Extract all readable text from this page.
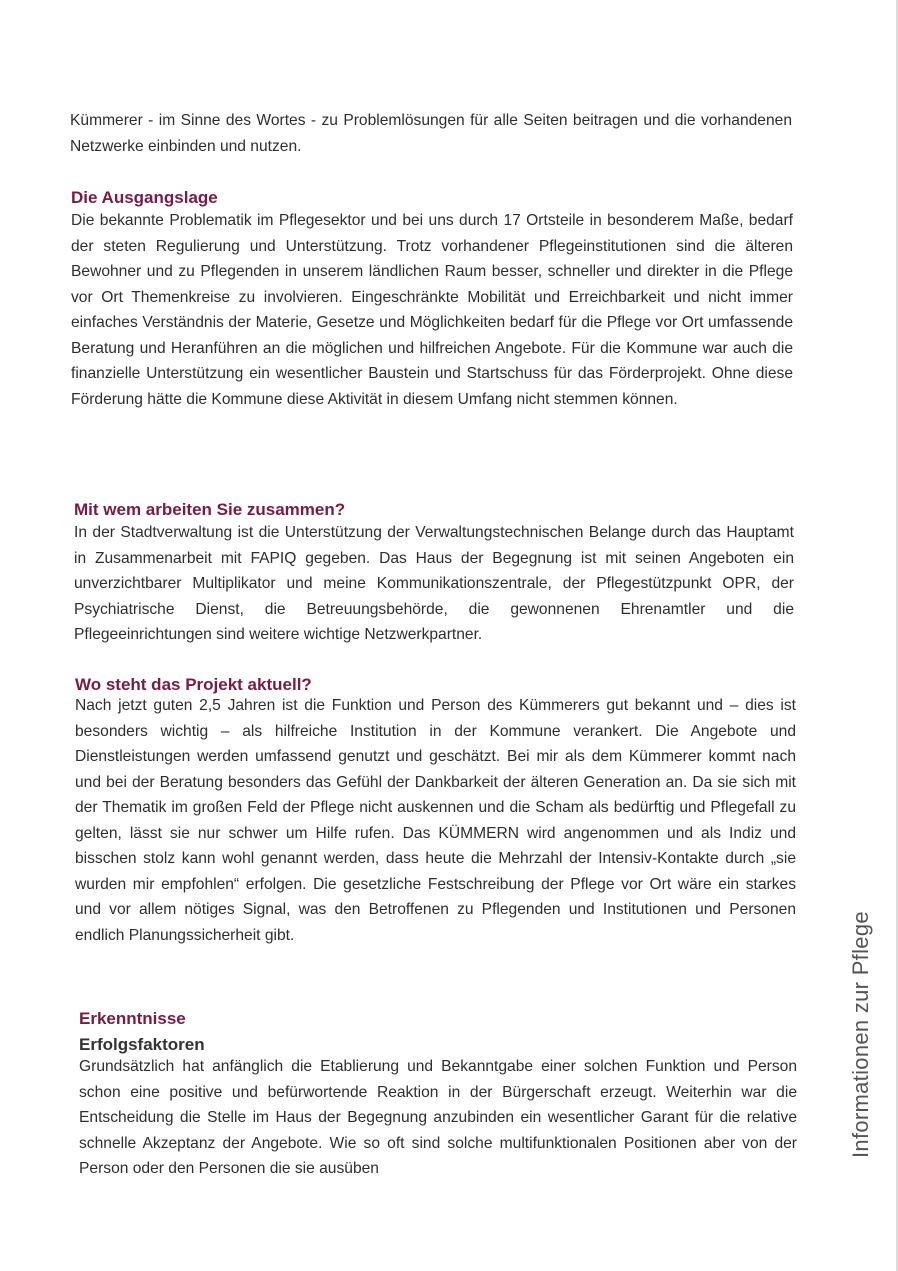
Kümmerer - im Sinne des Wortes - zu Problemlösungen für alle Seiten beitragen und die vorhandenen Netzwerke einbinden und nutzen.

Die Ausgangslage

Die bekannte Problematik im Pflegesektor und bei uns durch 17 Ortsteile in besonderem Maße, bedarf der steten Regulierung und Unterstützung. Trotz vorhandener Pflegeinstitutionen sind die älteren Bewohner und zu Pflegenden in unserem ländlichen Raum besser, schneller und direkter in die Pflege vor Ort Themenkreise zu involvieren. Eingeschränkte Mobilität und Erreichbarkeit und nicht immer einfaches Verständnis der Materie, Gesetze und Möglichkeiten bedarf für die Pflege vor Ort umfassende Beratung und Heranführen an die möglichen und hilfreichen Angebote. Für die Kommune war auch die finanzielle Unterstützung ein wesentlicher Baustein und Startschuss für das Förderprojekt. Ohne diese Förderung hätte die Kommune diese Aktivität in diesem Umfang nicht stemmen können.

Mit wem arbeiten Sie zusammen?

In der Stadtverwaltung ist die Unterstützung der Verwaltungstechnischen Belange durch das Hauptamt in Zusammenarbeit mit FAPIQ gegeben. Das Haus der Begegnung ist mit seinen Angeboten ein unverzichtbarer Multiplikator und meine Kommunikationszentrale, der Pflegestützpunkt OPR, der Psychiatrische Dienst, die Betreuungsbehörde, die gewonnenen Ehrenamtler und die Pflegeeinrichtungen sind weitere wichtige Netzwerkpartner.

Wo steht das Projekt aktuell?

Nach jetzt guten 2,5 Jahren ist die Funktion und Person des Kümmerers gut bekannt und – dies ist besonders wichtig – als hilfreiche Institution in der Kommune verankert. Die Angebote und Dienstleistungen werden umfassend genutzt und geschätzt. Bei mir als dem Kümmerer kommt nach und bei der Beratung besonders das Gefühl der Dankbarkeit der älteren Generation an. Da sie sich mit der Thematik im großen Feld der Pflege nicht auskennen und die Scham als bedürftig und Pflegefall zu gelten, lässt sie nur schwer um Hilfe rufen. Das KÜMMERN wird angenommen und als Indiz und bisschen stolz kann wohl genannt werden, dass heute die Mehrzahl der Intensiv-Kontakte durch „sie wurden mir empfohlen“ erfolgen. Die gesetzliche Festschreibung der Pflege vor Ort wäre ein starkes und vor allem nötiges Signal, was den Betroffenen zu Pflegenden und Institutionen und Personen endlich Planungssicherheit gibt.

Erkenntnisse
Erfolgsfaktoren

Grundsätzlich hat anfänglich die Etablierung und Bekanntgabe einer solchen Funktion und Person schon eine positive und befürwortende Reaktion in der Bürgerschaft erzeugt. Weiterhin war die Entscheidung die Stelle im Haus der Begegnung anzubinden ein wesentlicher Garant für die relative schnelle Akzeptanz der Angebote. Wie so oft sind solche multifunktionalen Positionen aber von der Person oder den Personen die sie ausüben

Informationen zur Pflege
